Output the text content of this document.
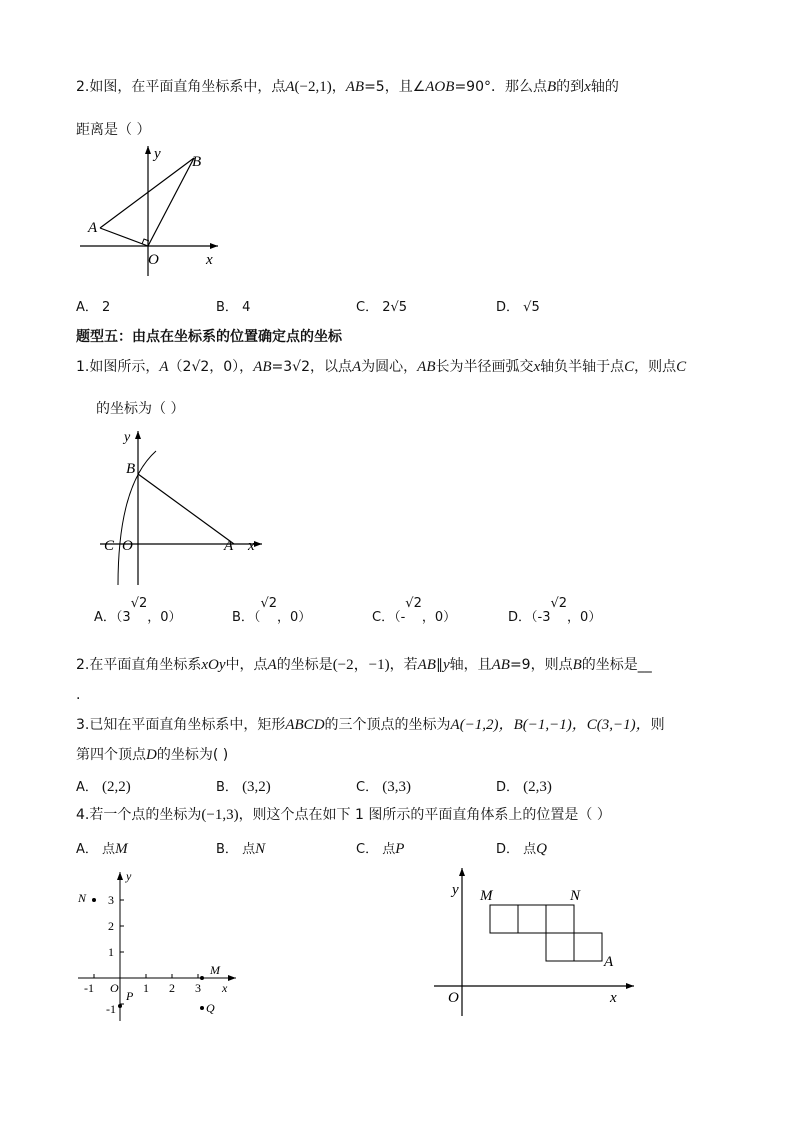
2.如图，在平面直角坐标系中，点A(−2,1)，AB=5，且∠AOB=90°．那么点B的到x轴的
距离是（ ）
y B
A
O	x
A． 2	B． 4	C． 2√5	D． √5
题型五：由点在坐标系的位置确定点的坐标
1.如图所示，A（2√2，0），AB=3√2，以点A为圆心，AB长为半径画弧交x轴负半轴于点C，则点C
的坐标为（ ）
y
B
C O	A x
A．（3√2，0）	B．（√2，0）	C．（-√2，0）	D．（-3√2，0）
2.在平面直角坐标系xOy中，点A的坐标是(−2，−1)，若AB∥y轴，且AB=9，则点B的坐标是__
.
3.已知在平面直角坐标系中，矩形ABCD的三个顶点的坐标为A(−1,2)，B(−1,−1)，C(3,−1)，则
第四个顶点D的坐标为( )
A． (2,2)	B． (3,2)	C． (3,3)	D． (2,3)
4.若一个点的坐标为(−1,3)，则这个点在如下 1 图所示的平面直角体系上的位置是（ ）
A． 点M	B． 点N	C． 点P	D． 点Q
y
3
2
1
-1
-1 O 1 2 3 x
N
M
P
Q
y M	N
A
O	x
